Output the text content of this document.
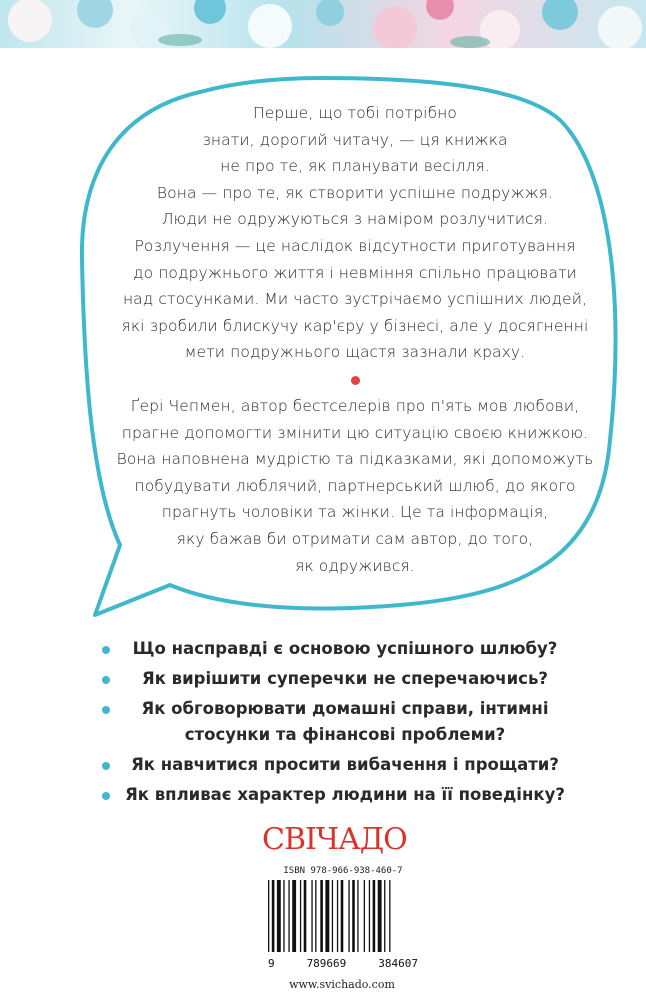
Перше, що тобі потрібно

знати, дорогий читачу, — ця книжка

не про те, як планувати весілля.

Вона — про те, як створити успішне подружжя.

Люди не одружуються з наміром розлучитися.

Розлучення — це наслідок відсутности приготування

до подружнього життя і невміння спільно працювати

над стосунками. Ми часто зустрічаємо успішних людей,

які зробили блискучу кар'єру у бізнесі, але у досягненні

мети подружнього щастя зазнали краху.

Ґері Чепмен, автор бестселерів про п'ять мов любови,

прагне допомогти змінити цю ситуацію своєю книжкою.

Вона наповнена мудрістю та підказками, які допоможуть

побудувати люблячий, партнерський шлюб, до якого

прагнуть чоловіки та жінки. Це та інформація,

яку бажав би отримати сам автор, до того,

як одружився.

Що насправді є основою успішного шлюбу?
Як вирішити суперечки не сперечаючись?
Як обговорювати домашні справи, інтимні стосунки та фінансові проблеми?
Як навчитися просити вибачення і прощати?
Як впливає характер людини на її поведінку?
СВІЧАДО
ISBN 978-966-938-460-7
9	789669	384607
www.svichado.com
